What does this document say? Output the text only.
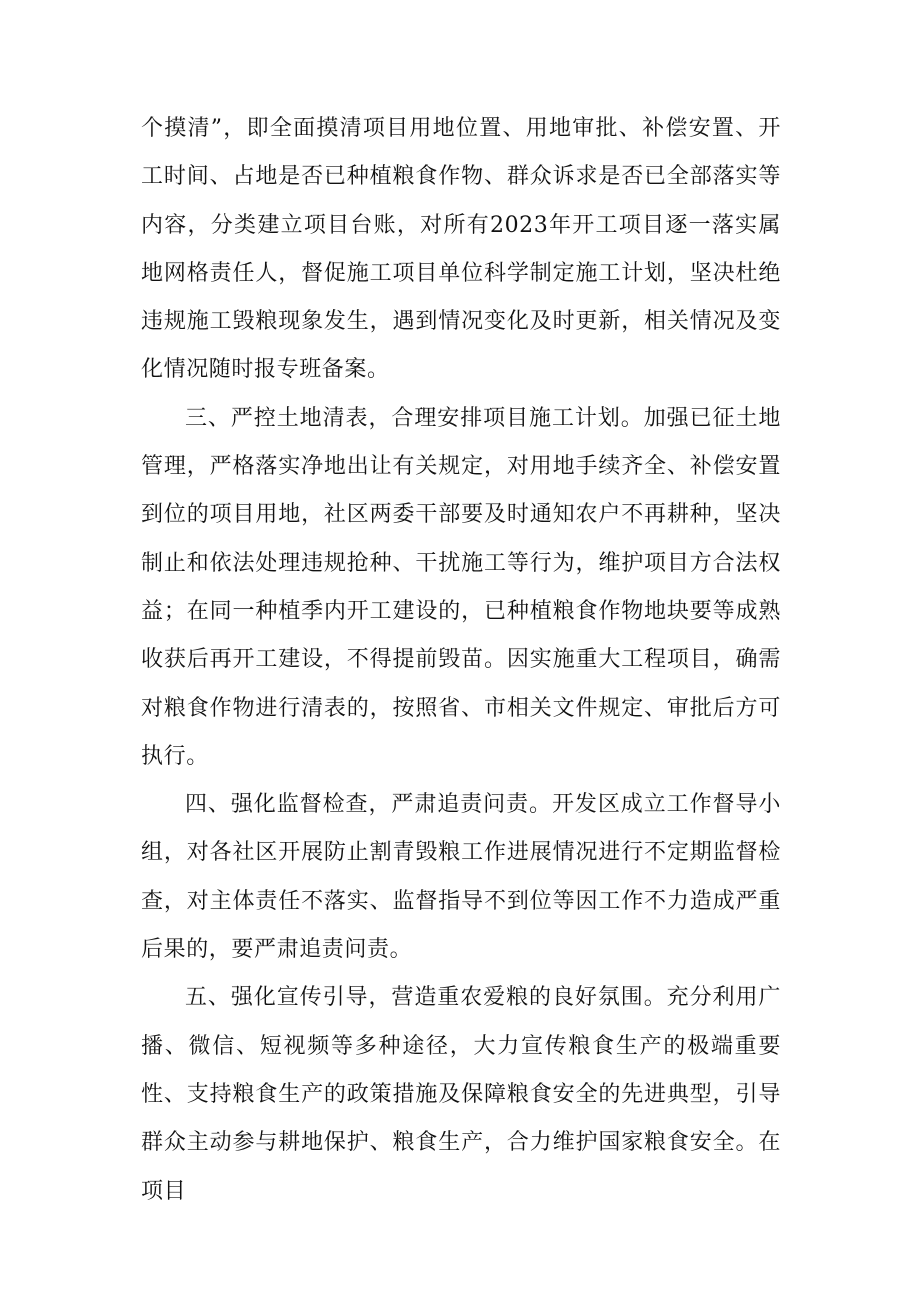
个摸清”，即全面摸清项目用地位置、用地审批、补偿安置、开工时间、占地是否已种植粮食作物、群众诉求是否已全部落实等内容，分类建立项目台账，对所有2023年开工项目逐一落实属地网格责任人，督促施工项目单位科学制定施工计划，坚决杜绝违规施工毁粮现象发生，遇到情况变化及时更新，相关情况及变化情况随时报专班备案。

三、严控土地清表，合理安排项目施工计划。加强已征土地管理，严格落实净地出让有关规定，对用地手续齐全、补偿安置到位的项目用地，社区两委干部要及时通知农户不再耕种，坚决制止和依法处理违规抢种、干扰施工等行为，维护项目方合法权益；在同一种植季内开工建设的，已种植粮食作物地块要等成熟收获后再开工建设，不得提前毁苗。因实施重大工程项目，确需对粮食作物进行清表的，按照省、市相关文件规定、审批后方可执行。

四、强化监督检查，严肃追责问责。开发区成立工作督导小组，对各社区开展防止割青毁粮工作进展情况进行不定期监督检查，对主体责任不落实、监督指导不到位等因工作不力造成严重后果的，要严肃追责问责。

五、强化宣传引导，营造重农爱粮的良好氛围。充分利用广播、微信、短视频等多种途径，大力宣传粮食生产的极端重要性、支持粮食生产的政策措施及保障粮食安全的先进典型，引导群众主动参与耕地保护、粮食生产，合力维护国家粮食安全。在项目
